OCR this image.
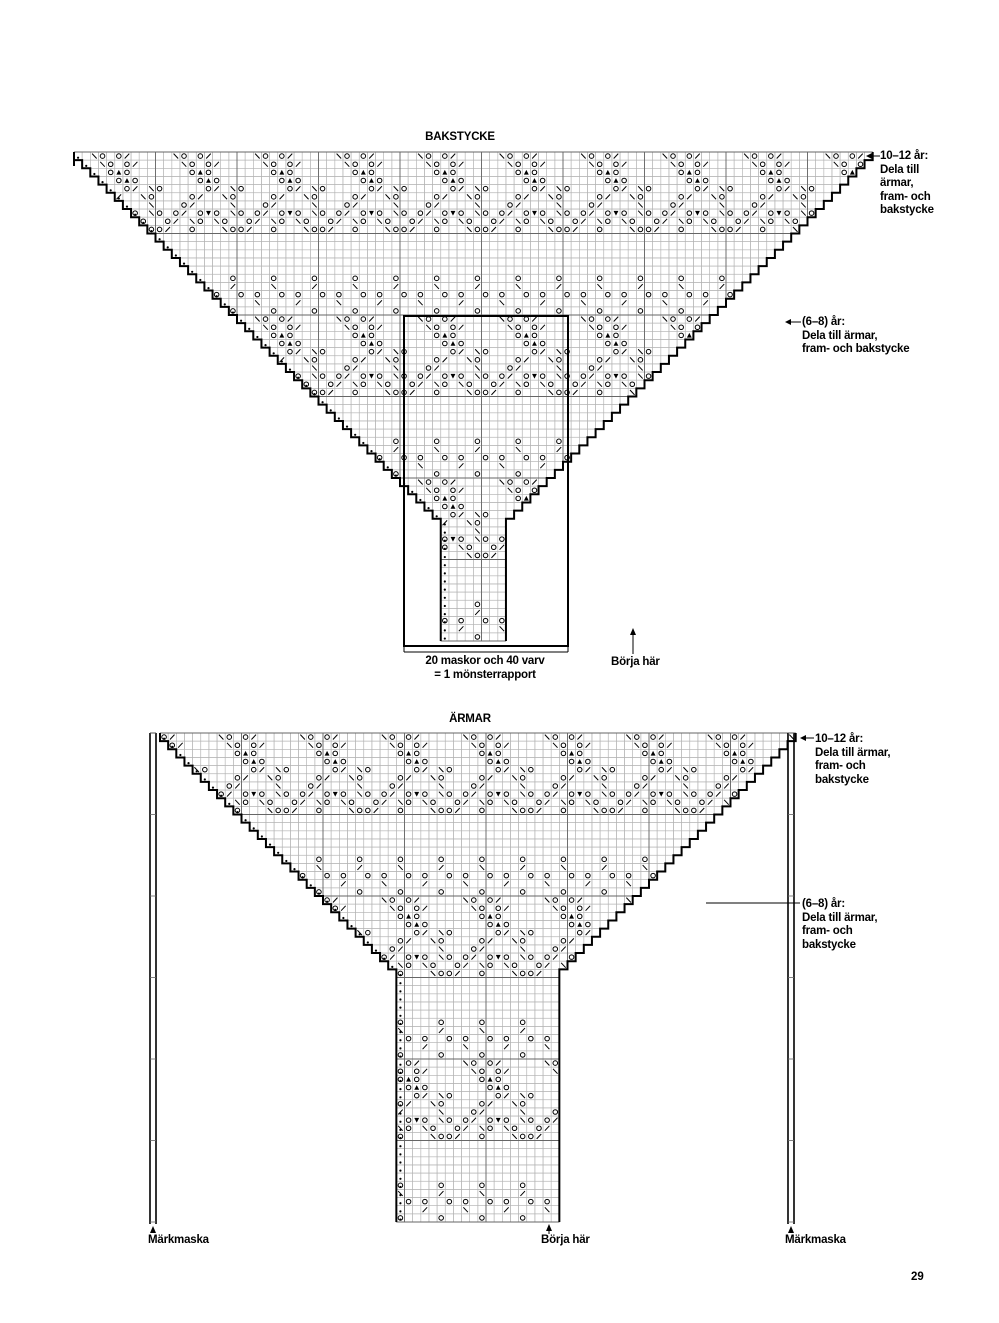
BAKSTYCKE
10–12 år:
Dela till
ärmar,
fram- och
bakstycke
(6–8) år:
Dela till ärmar,
fram- och bakstycke
20 maskor och 40 varv
= 1 mönsterrapport
Börja här
ÄRMAR
10–12 år:
Dela till ärmar,
fram- och
bakstycke
(6–8) år:
Dela till ärmar,
fram- och
bakstycke
Märkmaska	Börja här	Märkmaska
29
